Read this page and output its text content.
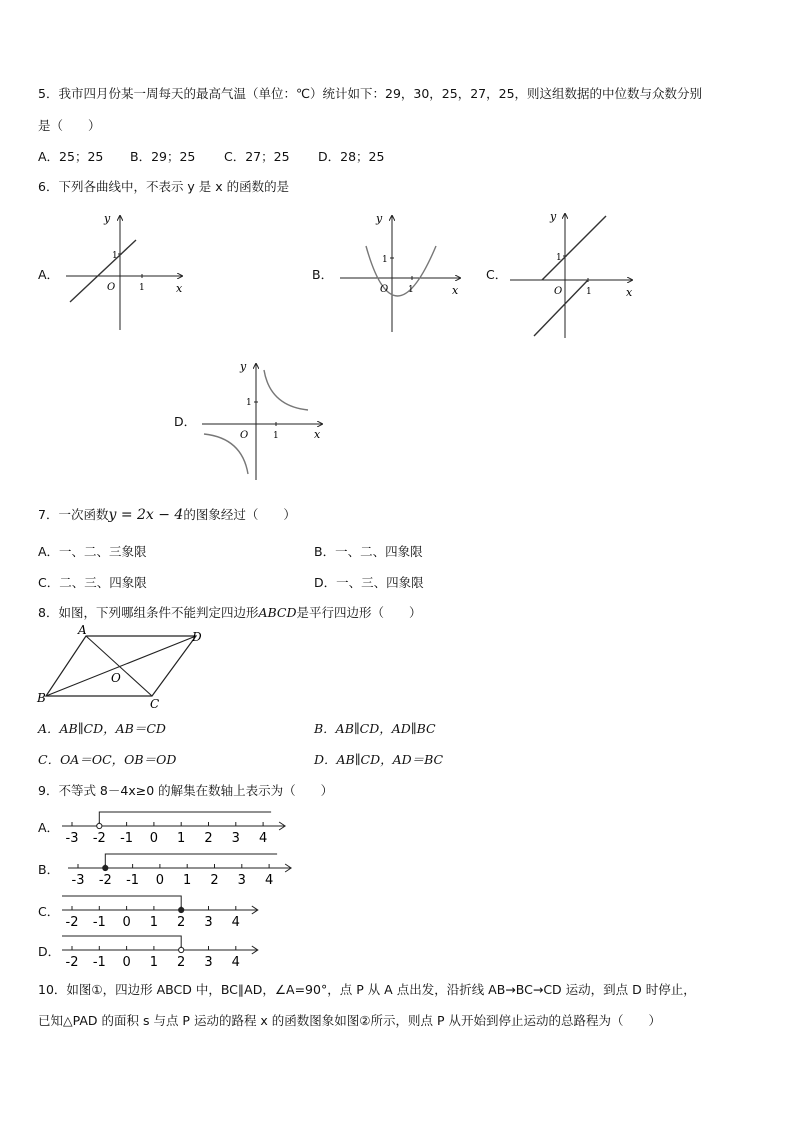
5．我市四月份某一周每天的最高气温（单位：℃）统计如下：29，30，25，27，25，则这组数据的中位数与众数分别
是（　　）
A．25；25 B．29；25 C．27；25 D．28；25
6．下列各曲线中，不表示 y 是 x 的函数的是
A．	B．	C．
D．
y
x
O	1
1
y
x
O 1
1
y
x
O	1
1
y
x
O	1
1
7．一次函数y = 2x − 4的图象经过（　　）
A．一、二、三象限	B．一、二、四象限
C．二、三、四象限	D．一、三、四象限
8．如图，下列哪组条件不能判定四边形ABCD是平行四边形（　　）
A	D
B	C
O
A．AB∥CD，AB＝CD	B．AB∥CD，AD∥BC
C．OA＝OC，OB＝OD	D．AB∥CD，AD＝BC
9．不等式 8－4x≥0 的解集在数轴上表示为（　　）
A．
B．
C．
D．
-3 -2 -1 0 1 2 3 4
-3 -2 -1 0 1 2 3 4
-2 -1 0 1 2 3 4
-2 -1 0 1 2 3 4
10．如图①，四边形 ABCD 中，BC∥AD，∠A=90°，点 P 从 A 点出发，沿折线 AB→BC→CD 运动，到点 D 时停止，
已知△PAD 的面积 s 与点 P 运动的路程 x 的函数图象如图②所示，则点 P 从开始到停止运动的总路程为（　　）
